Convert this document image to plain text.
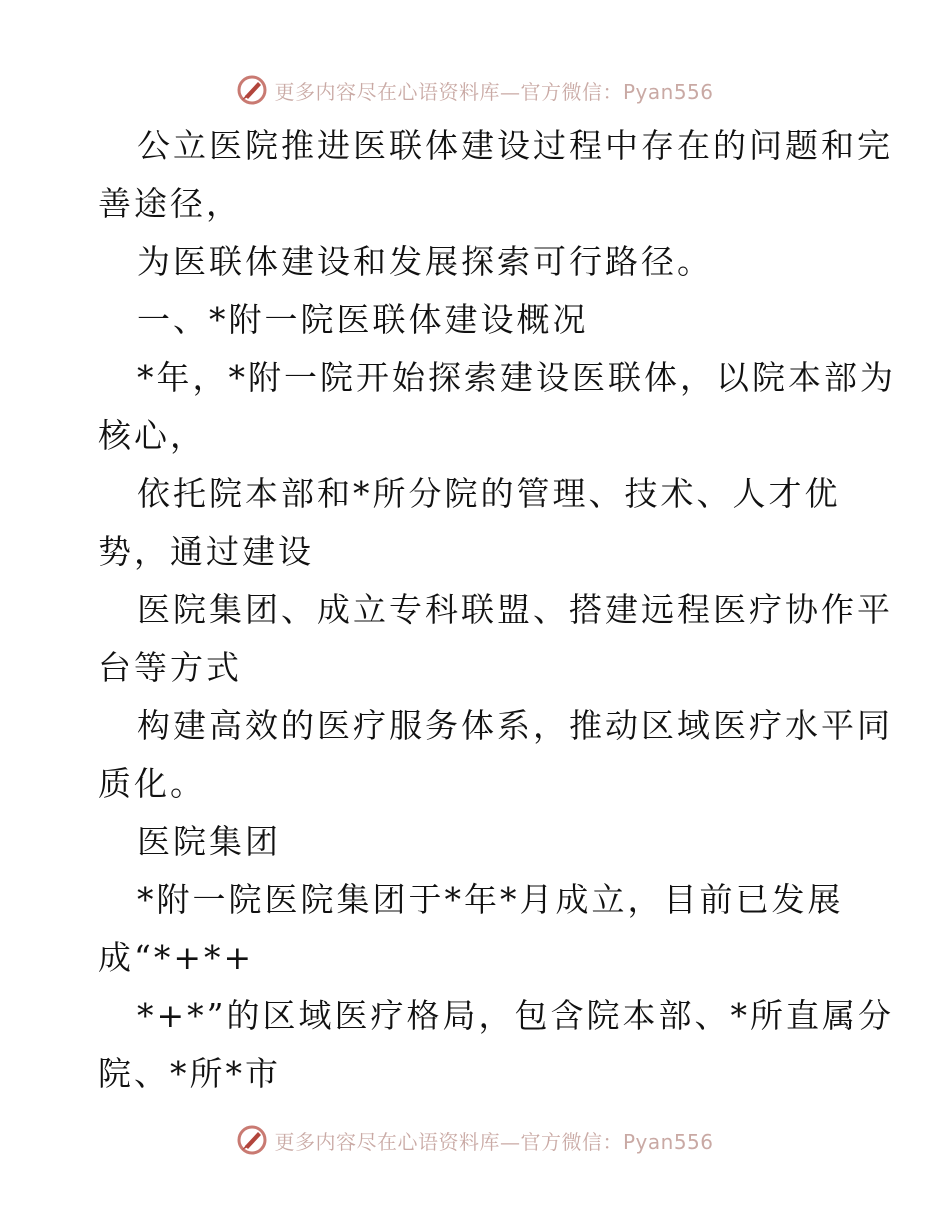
更多内容尽在心语资料库—官方微信：Pyan556
公立医院推进医联体建设过程中存在的问题和完
善途径，
为医联体建设和发展探索可行路径。
一、*附一院医联体建设概况
*年，*附一院开始探索建设医联体，以院本部为
核心，
依托院本部和*所分院的管理、技术、人才优
势，通过建设
医院集团、成立专科联盟、搭建远程医疗协作平
台等方式
构建高效的医疗服务体系，推动区域医疗水平同
质化。
医院集团
*附一院医院集团于*年*月成立，目前已发展
成“*+*+
*+*”的区域医疗格局，包含院本部、*所直属分
院、*所*市
更多内容尽在心语资料库—官方微信：Pyan556
